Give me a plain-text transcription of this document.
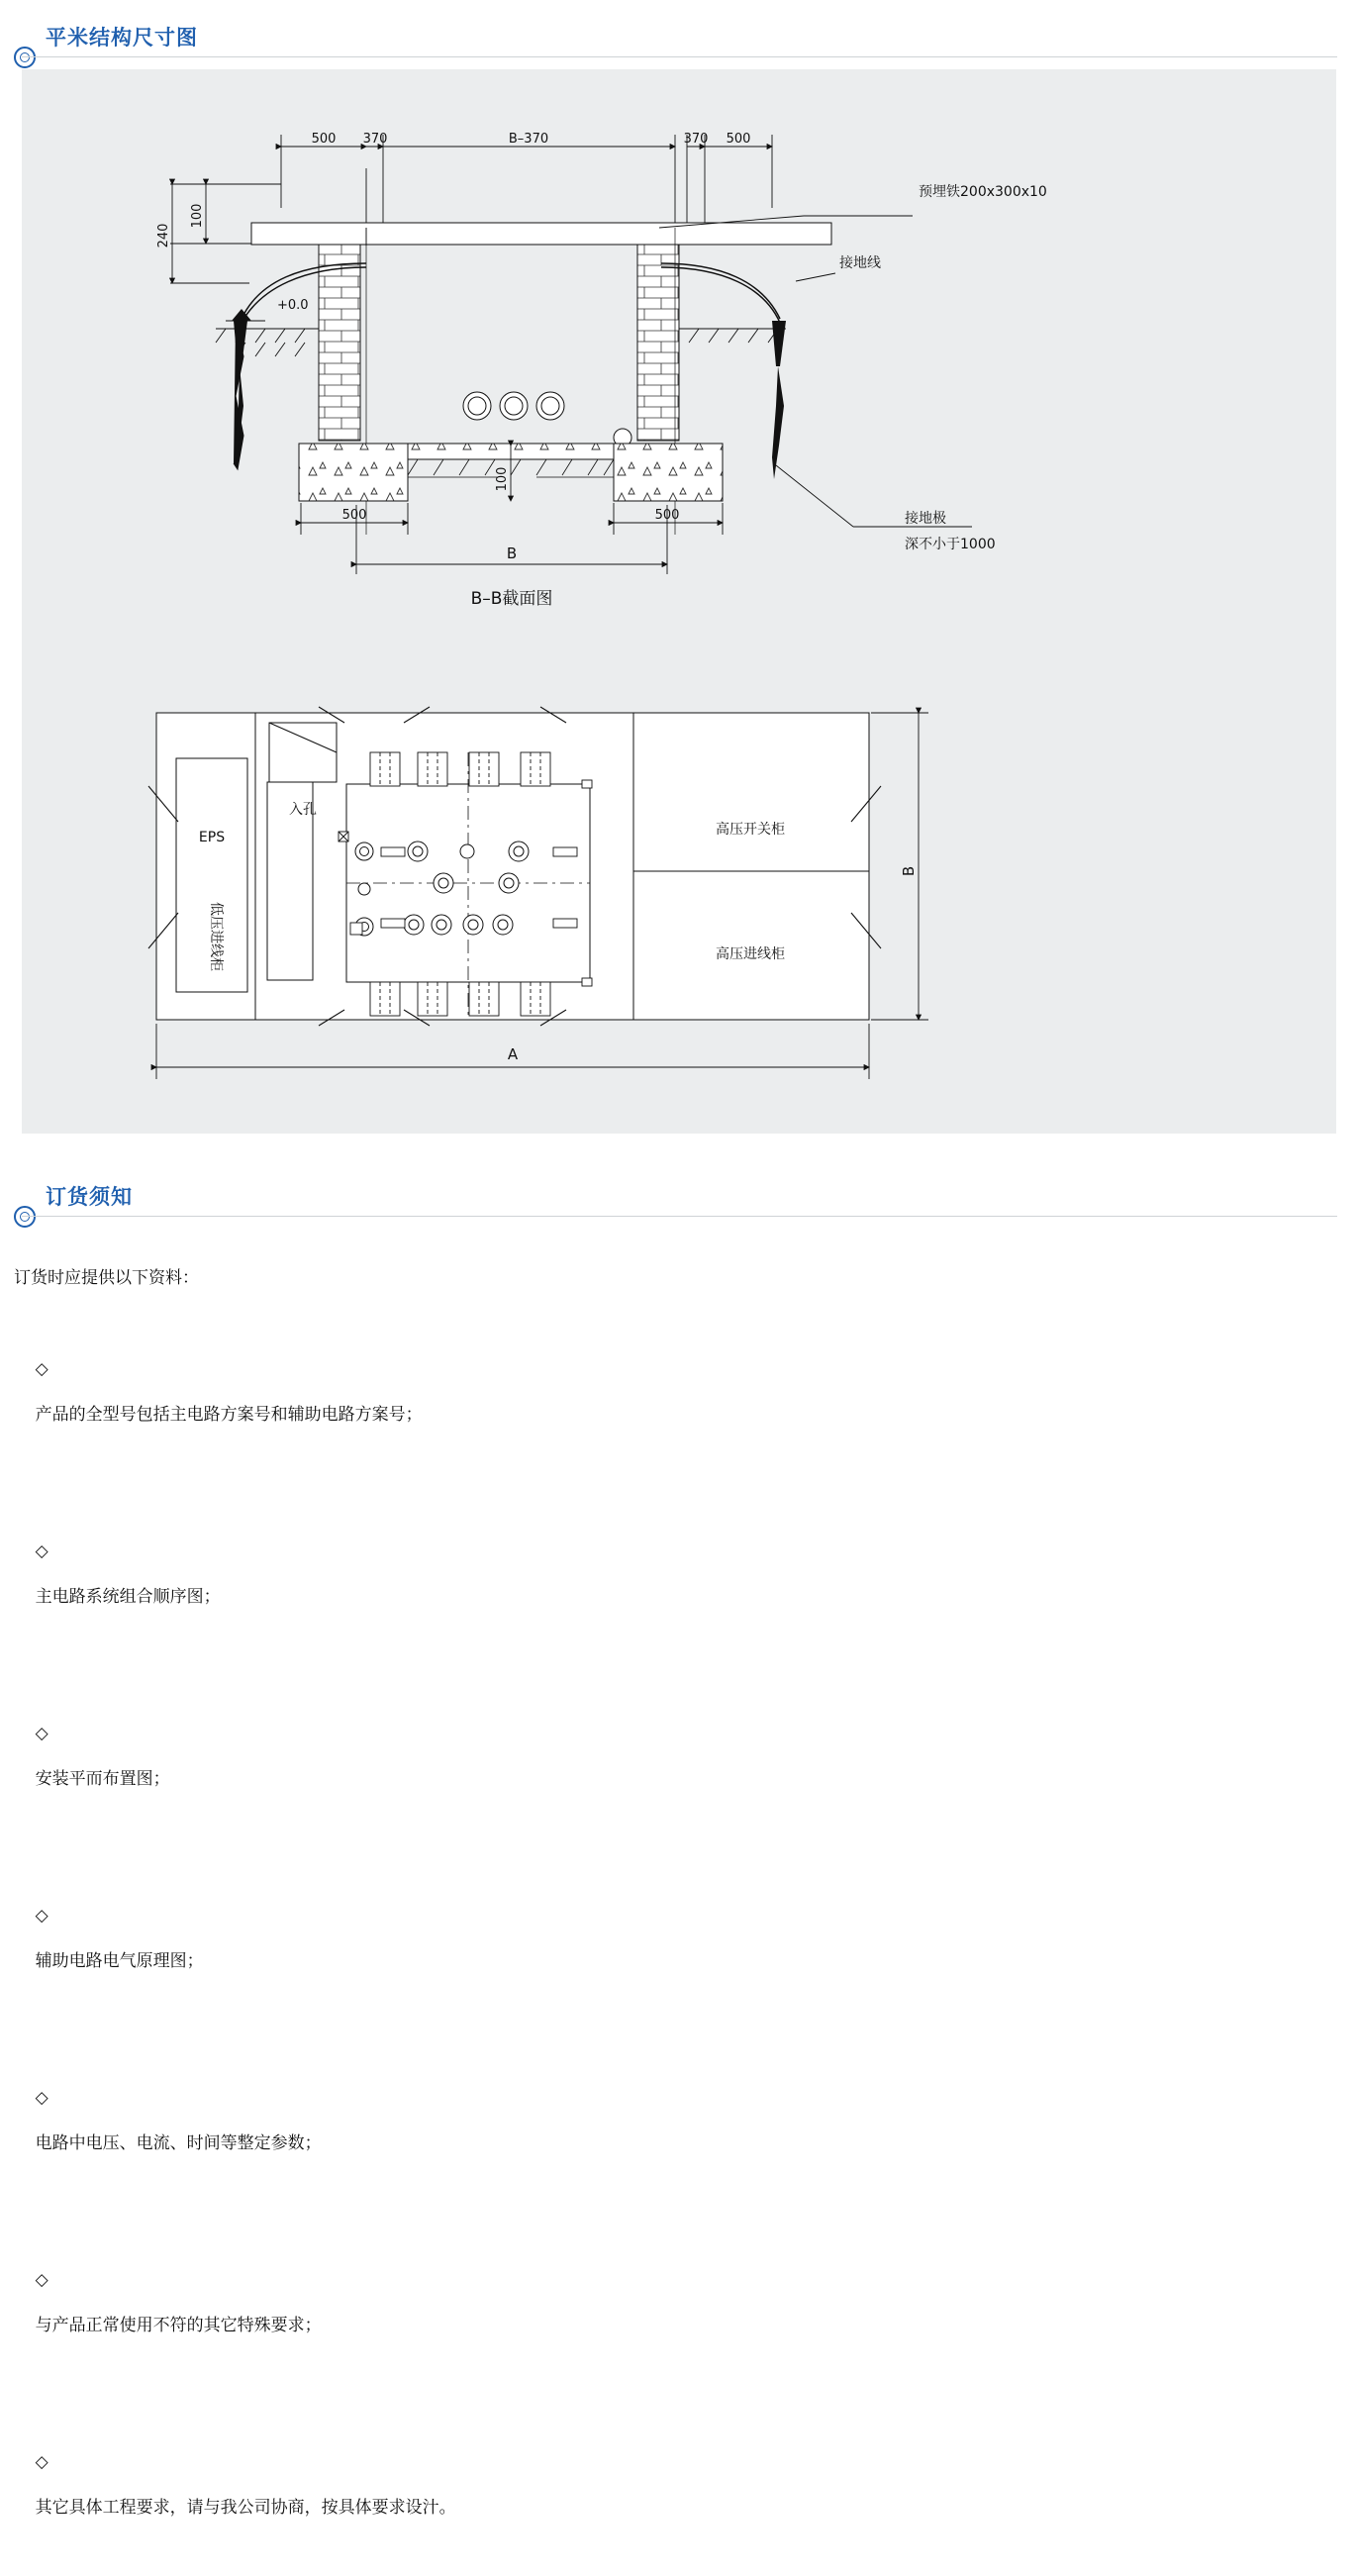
平米结构尺寸图
500 370	B–370	370 500
100
240
+0.0
预埋铁200x300x10
接地线
接地极
深不小于1000
100
500	500
B
B–B截面图
入孔
EPS
低压进线柜
高压开关柜
高压进线柜
A
B
订货须知
订货时应提供以下资料：

◇
产品的全型号包括主电路方案号和辅助电路方案号；

◇
主电路系统组合顺序图；

◇
安装平而布置图；

◇
辅助电路电气原理图；

◇
电路中电压、电流、时间等整定参数；

◇
与产品正常使用不符的其它特殊要求；

◇
其它具体工程要求，请与我公司协商，按具体要求设汁。
